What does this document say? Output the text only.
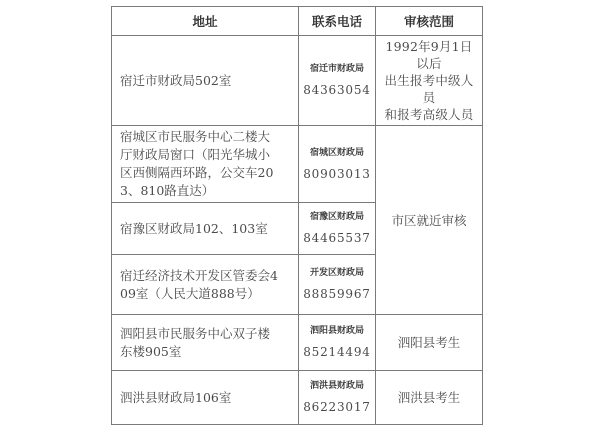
地址	联系电话	审核范围

宿迁市财政局502室	宿迁市财政局
84363054	1992年9月1日以后
出生报考中级人员
和报考高级人员

宿城区市民服务中心二楼大
厅财政局窗口（阳光华城小
区西侧隔西环路，公交车20
3、810路直达）	宿城区财政局
80903013	市区就近审核

宿豫区财政局102、103室	宿豫区财政局
84465537	

宿迁经济技术开发区管委会4
09室（人民大道888号）	开发区财政局
88859967	

泗阳县市民服务中心双子楼
东楼905室	泗阳县财政局
85214494	泗阳县考生

泗洪县财政局106室	泗洪县财政局
86223017	泗洪县考生
